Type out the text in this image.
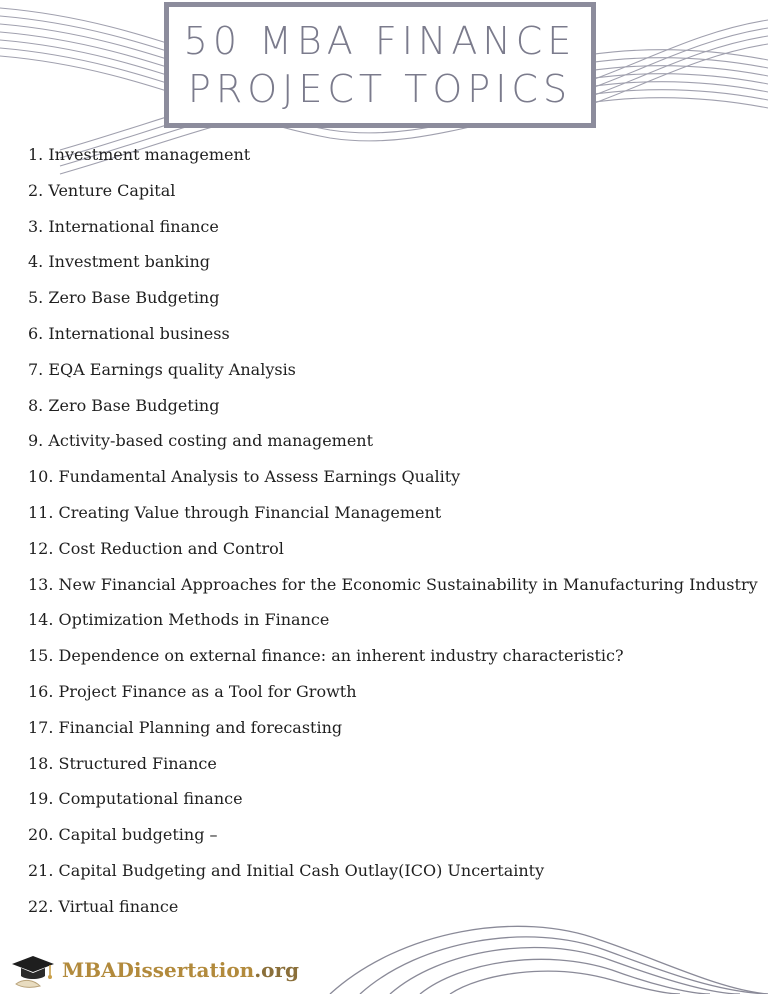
50 MBA FINANCE
PROJECT TOPICS
1. Investment management
2. Venture Capital
3. International finance
4. Investment banking
5. Zero Base Budgeting
6. International business
7. EQA Earnings quality Analysis
8. Zero Base Budgeting
9. Activity-based costing and management
10. Fundamental Analysis to Assess Earnings Quality
11. Creating Value through Financial Management
12. Cost Reduction and Control
13. New Financial Approaches for the Economic Sustainability in Manufacturing Industry
14. Optimization Methods in Finance
15. Dependence on external finance: an inherent industry characteristic?
16. Project Finance as a Tool for Growth
17. Financial Planning and forecasting
18. Structured Finance
19. Computational finance
20. Capital budgeting –
21. Capital Budgeting and Initial Cash Outlay(ICO) Uncertainty
22. Virtual finance
MBADissertation.org
